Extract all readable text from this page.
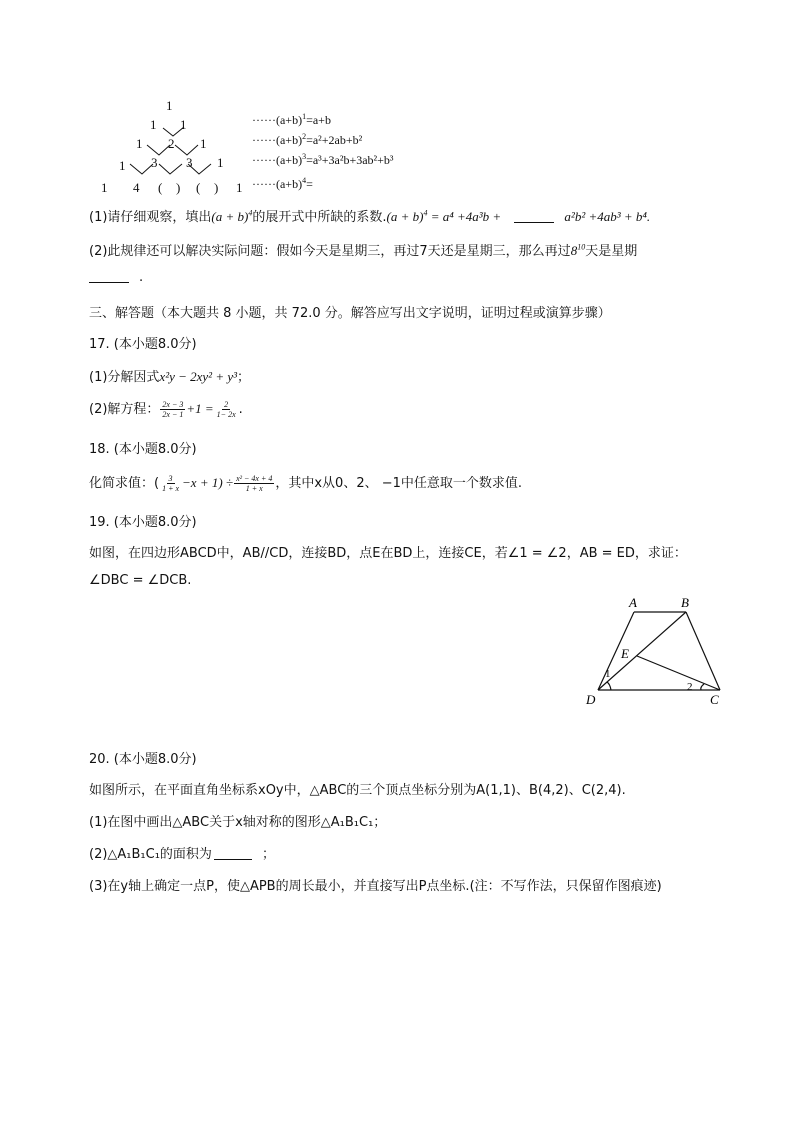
1
1 1
1 2 1
1 3 3 1
1 4 ( ) ( ) 1
$\cdot\cdot\cdot\cdot\cdot\cdot(a+b)^1=a+b$
$\cdot\cdot\cdot\cdot\cdot\cdot(a+b)^2=a^2+2ab+b^2$
$\cdot\cdot\cdot\cdot\cdot\cdot(a+b)^3=a^3+3a^2b+3ab^2+b^3$
$\cdot\cdot\cdot\cdot\cdot\cdot(a+b)^4=$
(1)请仔细观察，填出$(a + b)^4$的展开式中所缺的系数$.(a + b)^4 = a^4 +4a^3b$ +	a²b² +4ab³ + b⁴.
(2)此规律还可以解决实际问题：假如今天是星期三，再过7天还是星期三，那么再过$8^{10}$天是星期
.
三、解答题（本大题共 8 小题，共 72.0 分。解答应写出文字说明，证明过程或演算步骤）
17. (本小题8.0分)
(1)分解因式x²y − 2xy² + y³；
(2)解方程： $\frac{2x - 3}{2x - 1} +1 = \frac{2}{1- 2x}$ .
18. (本小题8.0分)
化简求值：( $\frac{3}{1 + x} -x + 1) \div \frac{\text{x² − 4x + 4}}{1 + x}$ ，其中x从0、2、 −1中任意取一个数求值.
19. (本小题8.0分)
如图，在四边形ABCD中，AB//CD，连接BD，点E在BD上，连接CE，若∠1 = ∠2，AB = ED，求证：
∠DBC = ∠DCB.
A	B
E
1
2
D	C
20. (本小题8.0分)
如图所示，在平面直角坐标系xOy中，△ABC的三个顶点坐标分别为A(1,1)、B(4,2)、C(2,4).
(1)在图中画出△ABC关于x轴对称的图形△A₁B₁C₁；
(2)△A₁B₁C₁的面积为	；
(3)在y轴上确定一点P，使△APB的周长最小，并直接写出P点坐标.(注：不写作法，只保留作图痕迹)
